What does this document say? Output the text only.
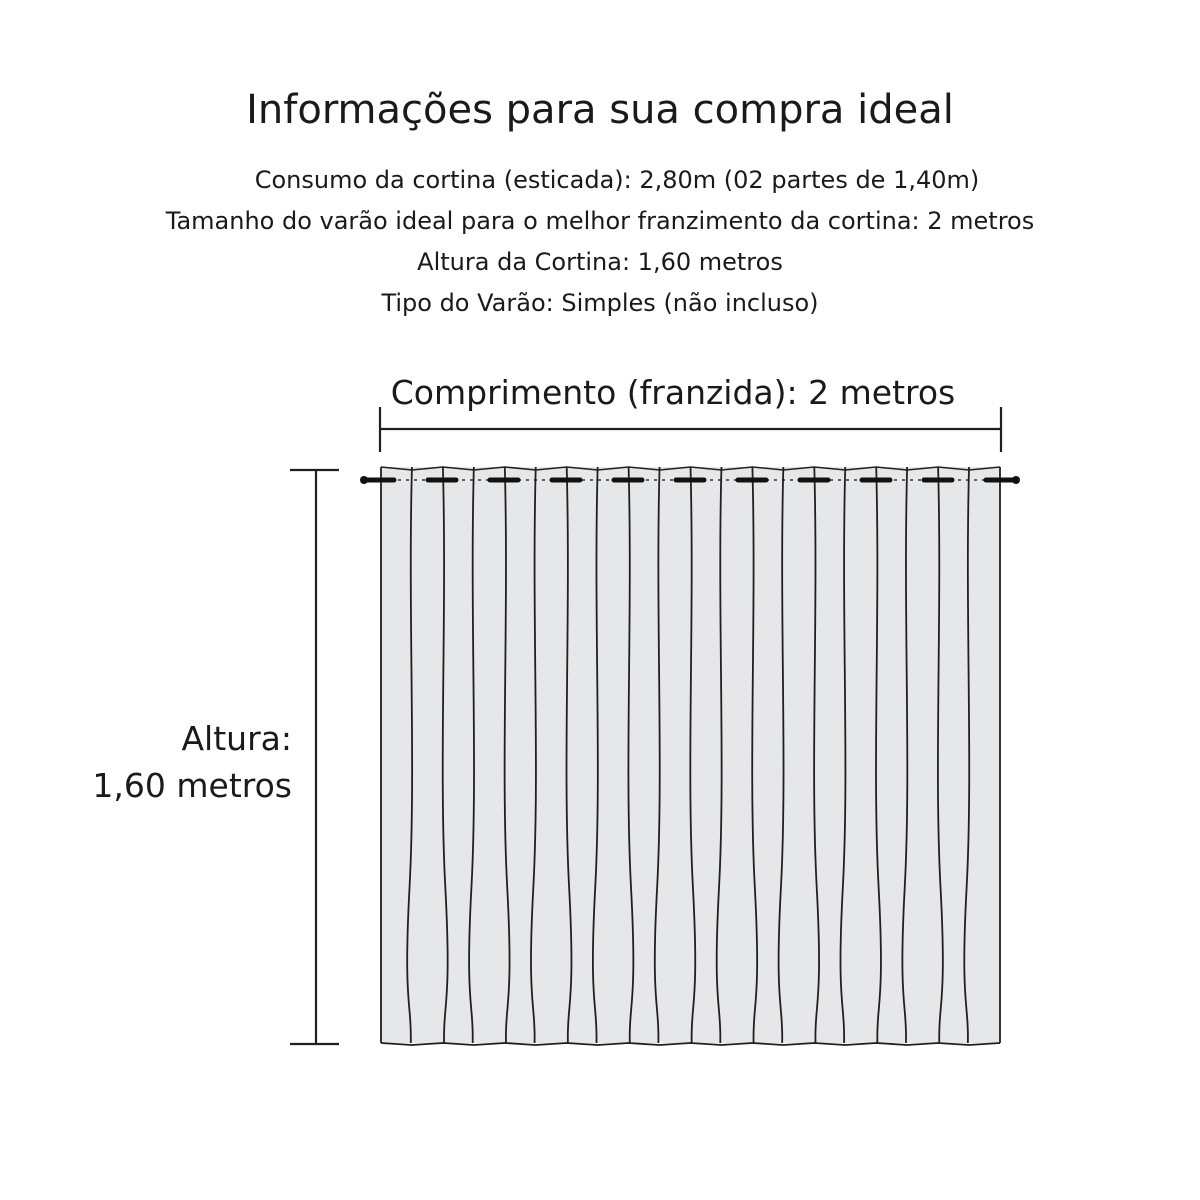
Informações para sua compra ideal
Consumo da cortina (esticada): 2,80m (02 partes de 1,40m)
Tamanho do varão ideal para o melhor franzimento da cortina: 2 metros
Altura da Cortina: 1,60 metros
Tipo do Varão: Simples (não incluso)
Comprimento (franzida): 2 metros
Altura:
1,60 metros
